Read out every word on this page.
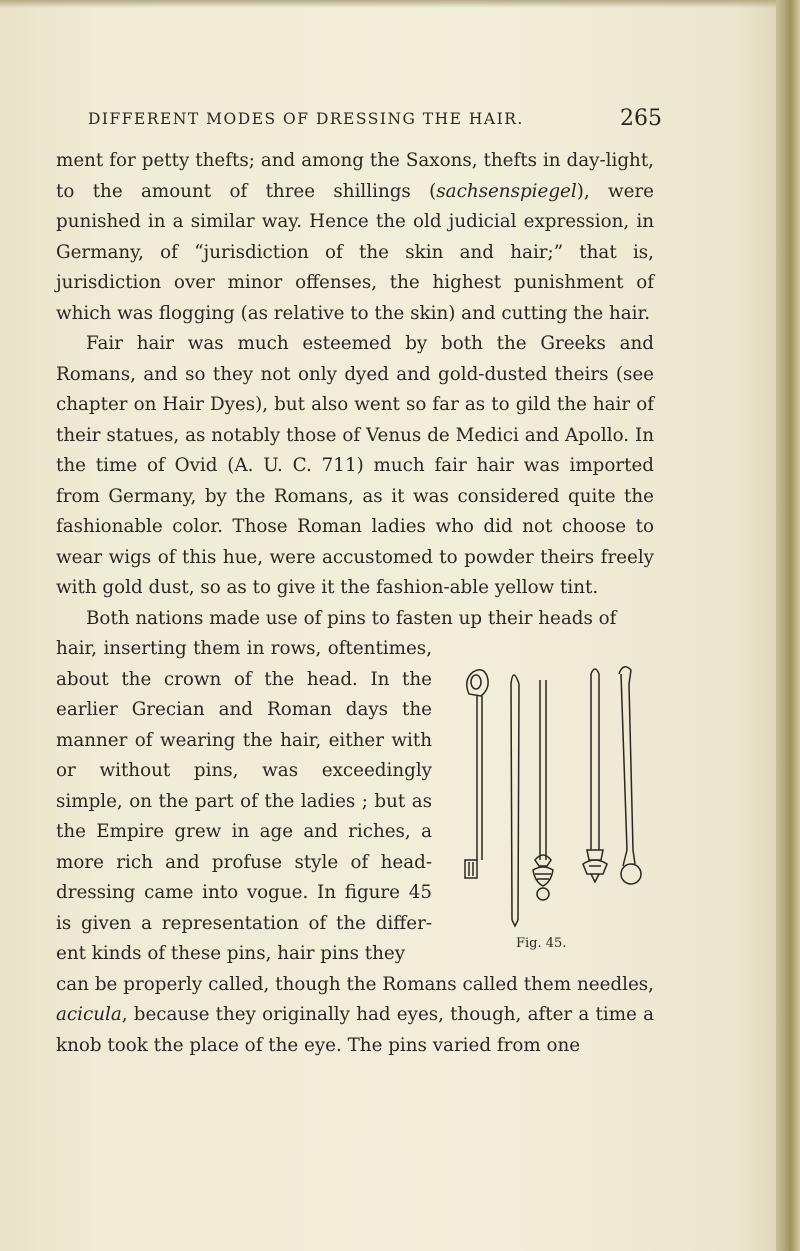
DIFFERENT MODES OF DRESSING THE HAIR.	265

ment for petty thefts; and among the Saxons, thefts in day-light, to the amount of three shillings (sachsenspiegel), were punished in a similar way. Hence the old judicial expression, in Germany, of “jurisdiction of the skin and hair;” that is, jurisdiction over minor offenses, the highest punishment of which was flogging (as relative to the skin) and cutting the hair.

Fair hair was much esteemed by both the Greeks and Romans, and so they not only dyed and gold-dusted theirs (see chapter on Hair Dyes), but also went so far as to gild the hair of their statues, as notably those of Venus de Medici and Apollo. In the time of Ovid (A. U. C. 711) much fair hair was imported from Germany, by the Romans, as it was considered quite the fashionable color. Those Roman ladies who did not choose to wear wigs of this hue, were accustomed to powder theirs freely with gold dust, so as to give it the fashion-able yellow tint.

Both nations made use of pins to fasten up their heads of

hair, inserting them in rows, oftentimes, about the crown of the head. In the earlier Grecian and Roman days the manner of wearing the hair, either with or without pins, was exceedingly simple, on the part of the ladies ; but as the Empire grew in age and riches, a more rich and profuse style of head-dressing came into vogue. In figure 45 is given a representation of the differ-ent kinds of these pins, hair pins they

can be properly called, though the Romans called them needles, acicula, because they originally had eyes, though, after a time a knob took the place of the eye. The pins varied from one

Fig. 45.
